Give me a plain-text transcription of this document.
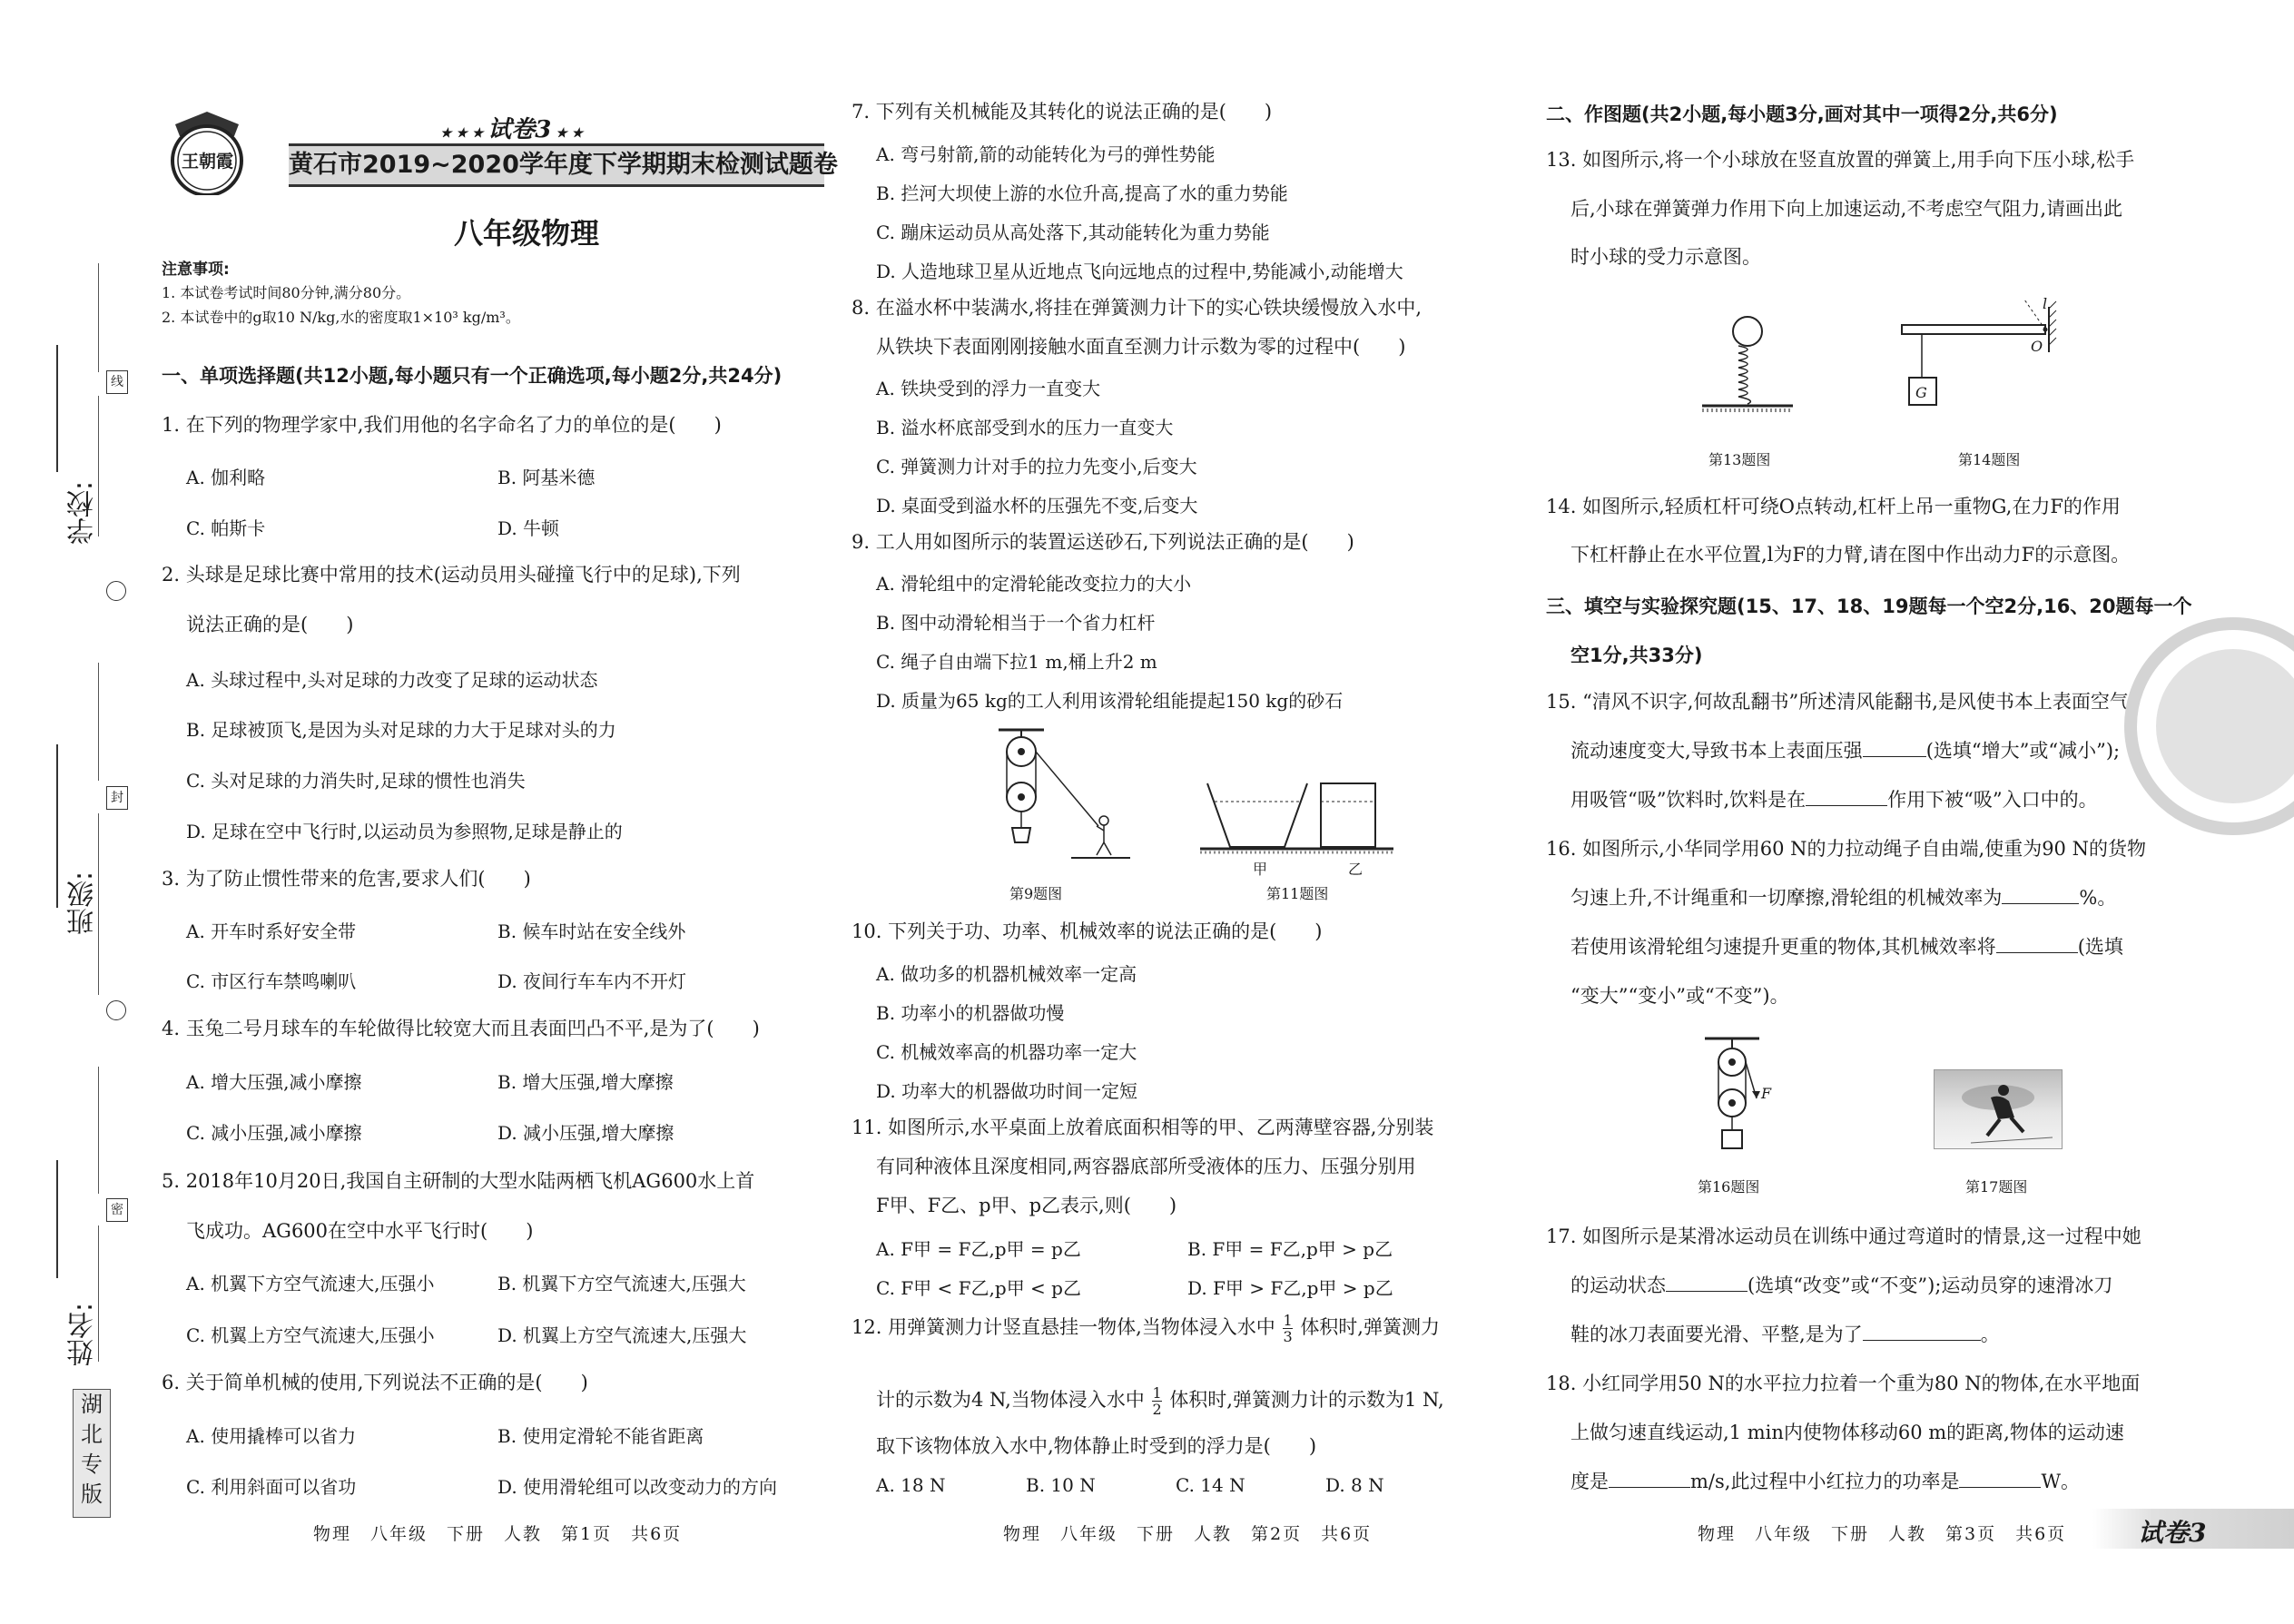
线
封
密
学校:
班级:
姓名:
湖北专版
王朝霞
★ ★ ★ 试卷3 ★ ★
黄石市2019~2020学年度下学期期末检测试题卷
八年级物理
注意事项:
1. 本试卷考试时间80分钟,满分80分。
2. 本试卷中的g取10 N/kg,水的密度取1×10³ kg/m³。
一、单项选择题(共12小题,每小题只有一个正确选项,每小题2分,共24分)
1. 在下列的物理学家中,我们用他的名字命名了力的单位的是(　　)
A. 伽利略	B. 阿基米德
C. 帕斯卡	D. 牛顿
2. 头球是足球比赛中常用的技术(运动员用头碰撞飞行中的足球),下列
说法正确的是(　　)
A. 头球过程中,头对足球的力改变了足球的运动状态
B. 足球被顶飞,是因为头对足球的力大于足球对头的力
C. 头对足球的力消失时,足球的惯性也消失
D. 足球在空中飞行时,以运动员为参照物,足球是静止的
3. 为了防止惯性带来的危害,要求人们(　　)
A. 开车时系好安全带	B. 候车时站在安全线外
C. 市区行车禁鸣喇叭	D. 夜间行车车内不开灯
4. 玉兔二号月球车的车轮做得比较宽大而且表面凹凸不平,是为了(　　)
A. 增大压强,减小摩擦	B. 增大压强,增大摩擦
C. 减小压强,减小摩擦	D. 减小压强,增大摩擦
5. 2018年10月20日,我国自主研制的大型水陆两栖飞机AG600水上首
飞成功。AG600在空中水平飞行时(　　)
A. 机翼下方空气流速大,压强小	B. 机翼下方空气流速大,压强大
C. 机翼上方空气流速大,压强小	D. 机翼上方空气流速大,压强大
6. 关于简单机械的使用,下列说法不正确的是(　　)
A. 使用撬棒可以省力	B. 使用定滑轮不能省距离
C. 利用斜面可以省功	D. 使用滑轮组可以改变动力的方向
物理　八年级　下册　人教　第1页　共6页
7. 下列有关机械能及其转化的说法正确的是(　　)
A. 弯弓射箭,箭的动能转化为弓的弹性势能
B. 拦河大坝使上游的水位升高,提高了水的重力势能
C. 蹦床运动员从高处落下,其动能转化为重力势能
D. 人造地球卫星从近地点飞向远地点的过程中,势能减小,动能增大
8. 在溢水杯中装满水,将挂在弹簧测力计下的实心铁块缓慢放入水中,
从铁块下表面刚刚接触水面直至测力计示数为零的过程中(　　)
A. 铁块受到的浮力一直变大
B. 溢水杯底部受到水的压力一直变大
C. 弹簧测力计对手的拉力先变小,后变大
D. 桌面受到溢水杯的压强先不变,后变大
9. 工人用如图所示的装置运送砂石,下列说法正确的是(　　)
A. 滑轮组中的定滑轮能改变拉力的大小
B. 图中动滑轮相当于一个省力杠杆
C. 绳子自由端下拉1 m,桶上升2 m
D. 质量为65 kg的工人利用该滑轮组能提起150 kg的砂石
第9题图
甲	乙
第11题图
10. 下列关于功、功率、机械效率的说法正确的是(　　)
A. 做功多的机器机械效率一定高
B. 功率小的机器做功慢
C. 机械效率高的机器功率一定大
D. 功率大的机器做功时间一定短
11. 如图所示,水平桌面上放着底面积相等的甲、乙两薄壁容器,分别装
有同种液体且深度相同,两容器底部所受液体的压力、压强分别用
F甲、F乙、p甲、p乙表示,则(　　)
A. F甲 = F乙,p甲 = p乙	B. F甲 = F乙,p甲 > p乙
C. F甲 < F乙,p甲 < p乙	D. F甲 > F乙,p甲 > p乙
12. 用弹簧测力计竖直悬挂一物体,当物体浸入水中 $\frac{1}{3}$ 体积时,弹簧测力
计的示数为4 N,当物体浸入水中 $\frac{1}{2}$ 体积时,弹簧测力计的示数为1 N,
取下该物体放入水中,物体静止时受到的浮力是(　　)
A. 18 N	B. 10 N	C. 14 N	D. 8 N
物理　八年级　下册　人教　第2页　共6页
二、作图题(共2小题,每小题3分,画对其中一项得2分,共6分)
13. 如图所示,将一个小球放在竖直放置的弹簧上,用手向下压小球,松手
后,小球在弹簧弹力作用下向上加速运动,不考虑空气阻力,请画出此
时小球的受力示意图。
第13题图
G
O
l
第14题图
14. 如图所示,轻质杠杆可绕O点转动,杠杆上吊一重物G,在力F的作用
下杠杆静止在水平位置,l为F的力臂,请在图中作出动力F的示意图。
三、填空与实验探究题(15、17、18、19题每一个空2分,16、20题每一个
空1分,共33分)
15. “清风不识字,何故乱翻书”所述清风能翻书,是风使书本上表面空气
流动速度变大,导致书本上表面压强	(选填“增大”或“减小”);
用吸管“吸”饮料时,饮料是在	作用下被“吸”入口中的。
16. 如图所示,小华同学用60 N的力拉动绳子自由端,使重为90 N的货物
匀速上升,不计绳重和一切摩擦,滑轮组的机械效率为	%。
若使用该滑轮组匀速提升更重的物体,其机械效率将	(选填
“变大”“变小”或“不变”)。
F
第16题图	第17题图
17. 如图所示是某滑冰运动员在训练中通过弯道时的情景,这一过程中她
的运动状态	(选填“改变”或“不变”);运动员穿的速滑冰刀
鞋的冰刀表面要光滑、平整,是为了	。
18. 小红同学用50 N的水平拉力拉着一个重为80 N的物体,在水平地面
上做匀速直线运动,1 min内使物体移动60 m的距离,物体的运动速
度是	m/s,此过程中小红拉力的功率是	W。
物理　八年级　下册　人教　第3页　共6页	试卷3
